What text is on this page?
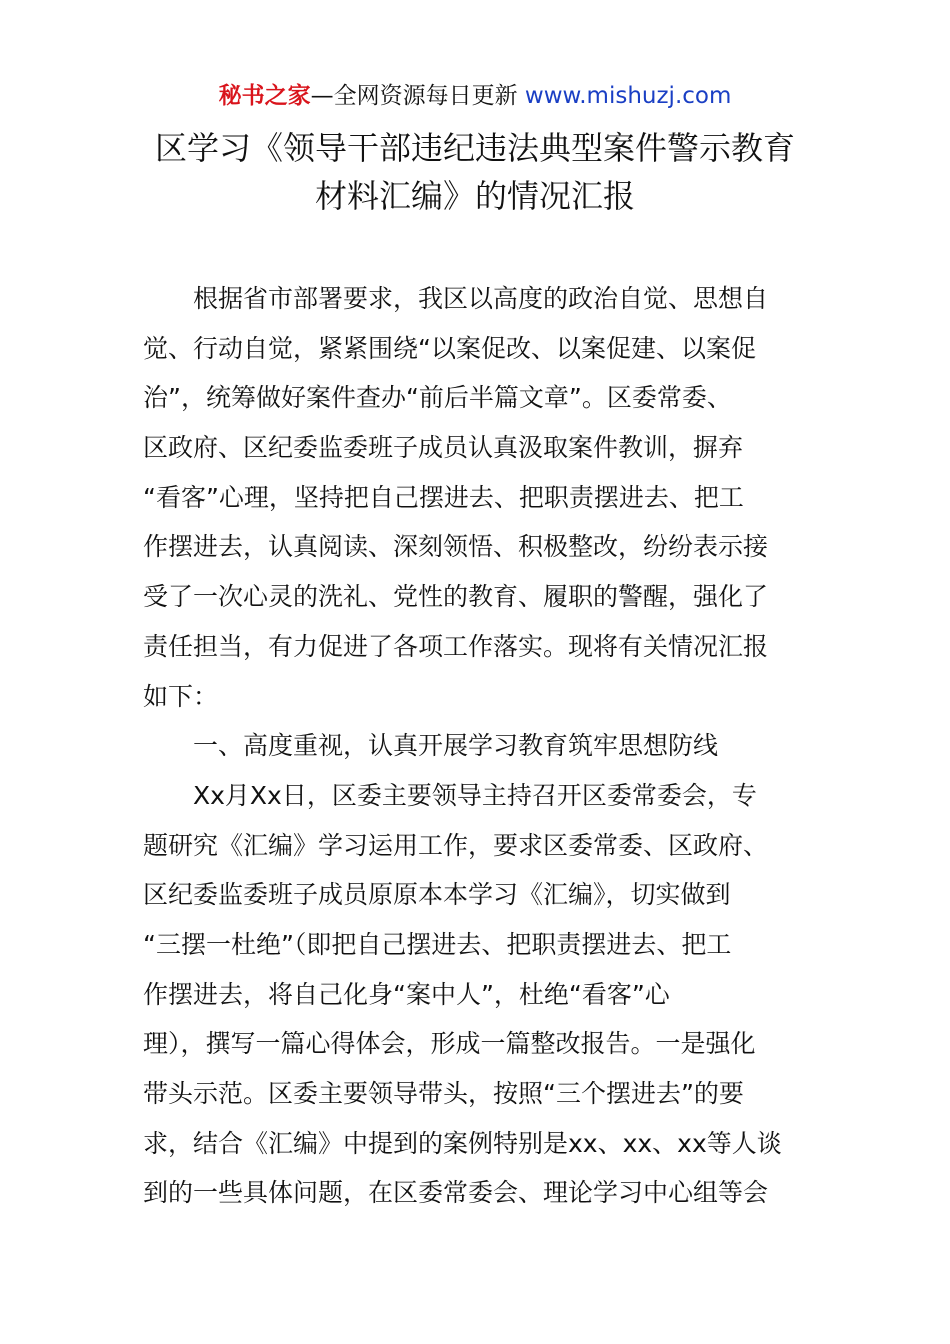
秘书之家—全网资源每日更新 www.mishuzj.com
区学习《领导干部违纪违法典型案件警示教育
材料汇编》的情况汇报
根据省市部署要求，我区以高度的政治自觉、思想自
觉、行动自觉，紧紧围绕“以案促改、以案促建、以案促
治”，统筹做好案件查办“前后半篇文章”。区委常委、
区政府、区纪委监委班子成员认真汲取案件教训，摒弃
“看客”心理，坚持把自己摆进去、把职责摆进去、把工
作摆进去，认真阅读、深刻领悟、积极整改，纷纷表示接
受了一次心灵的洗礼、党性的教育、履职的警醒，强化了
责任担当，有力促进了各项工作落实。现将有关情况汇报
如下：
一、高度重视，认真开展学习教育筑牢思想防线
Xx月Xx日，区委主要领导主持召开区委常委会，专
题研究《汇编》学习运用工作，要求区委常委、区政府、
区纪委监委班子成员原原本本学习《汇编》，切实做到
“三摆一杜绝”（即把自己摆进去、把职责摆进去、把工
作摆进去，将自己化身“案中人”，杜绝“看客”心
理），撰写一篇心得体会，形成一篇整改报告。一是强化
带头示范。区委主要领导带头，按照“三个摆进去”的要
求，结合《汇编》中提到的案例特别是xx、xx、xx等人谈
到的一些具体问题，在区委常委会、理论学习中心组等会
